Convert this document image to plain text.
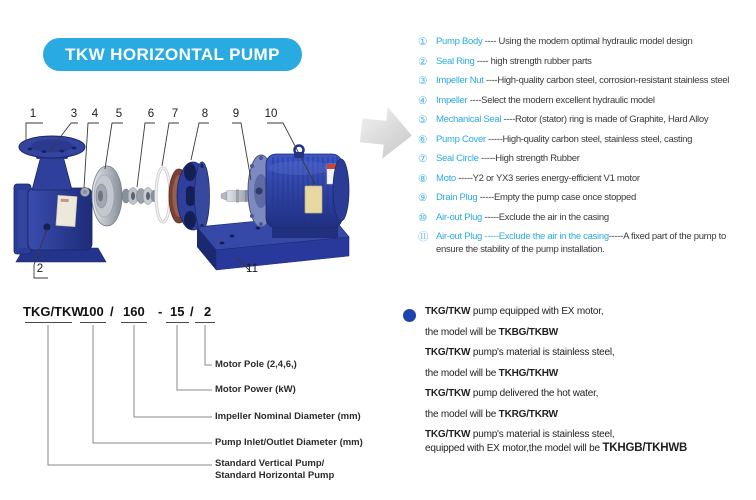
TKW HORIZONTAL PUMP
1	3 4 5 6 7 8 9 10
2	11
① Pump Body ---- Using the modern optimal hydraulic model design
② Seal Ring ---- high strength rubber parts
③ Impeller Nut ----High-quality carbon steel, corrosion-resistant stainless steel
④ Impeller ----Select the modern excellent hydraulic model
⑤ Mechanical Seal ----Rotor (stator) ring is made of Graphite, Hard Alloy
⑥ Pump Cover -----High-quality carbon steel, stainless steel, casting
⑦ Seal Circle -----High strength Rubber
⑧ Moto -----Y2 or YX3 series energy-efficient V1 motor
⑨ Drain Plug -----Empty the pump case once stopped
⑩ Air-out Plug -----Exclude the air in the casing
⑪ Air-out Plug -----Exclude the air in the casing-----A fixed part of the pump to
ensure the stability of the pump installation.
TKG/TKW
100 / 160 - 15 / 2
Motor Pole (2,4,6,)
Motor Power (kW)
Impeller Nominal Diameter (mm)
Pump Inlet/Outlet Diameter (mm)
Standard Vertical Pump/
Standard Horizontal Pump
TKG/TKW pump equipped with EX motor,
the model will be TKBG/TKBW
TKG/TKW pump's material is stainless steel,
the model will be TKHG/TKHW
TKG/TKW pump delivered the hot water,
the model will be TKRG/TKRW
TKG/TKW pump's material is stainless steel,
equipped with EX motor,the model will be TKHGB/TKHWB
